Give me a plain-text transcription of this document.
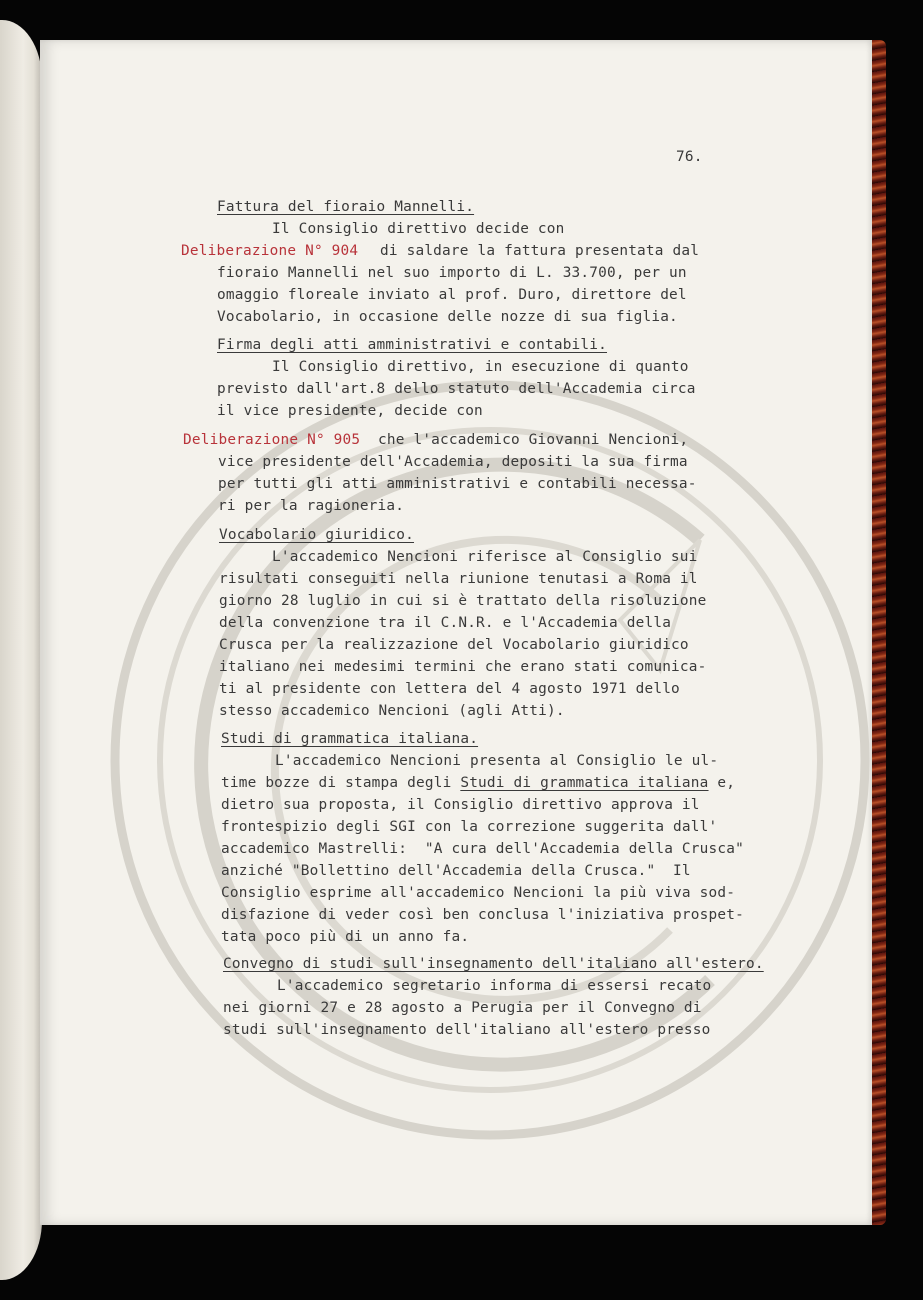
76.
Fattura del fioraio Mannelli.
Il Consiglio direttivo decide con
Deliberazione N° 904 di saldare la fattura presentata dal
fioraio Mannelli nel suo importo di L. 33.700, per un
omaggio floreale inviato al prof. Duro, direttore del
Vocabolario, in occasione delle nozze di sua figlia.
Firma degli atti amministrativi e contabili.
Il Consiglio direttivo, in esecuzione di quanto
previsto dall'art.8 dello statuto dell'Accademia circa
il vice presidente, decide con
Deliberazione N° 905 che l'accademico Giovanni Nencioni,
vice presidente dell'Accademia, depositi la sua firma
per tutti gli atti amministrativi e contabili necessa-
ri per la ragioneria.
Vocabolario giuridico.
L'accademico Nencioni riferisce al Consiglio sui
risultati conseguiti nella riunione tenutasi a Roma il
giorno 28 luglio in cui si è trattato della risoluzione
della convenzione tra il C.N.R. e l'Accademia della
Crusca per la realizzazione del Vocabolario giuridico
italiano nei medesimi termini che erano stati comunica-
ti al presidente con lettera del 4 agosto 1971 dello
stesso accademico Nencioni (agli Atti).
Studi di grammatica italiana.
L'accademico Nencioni presenta al Consiglio le ul-
time bozze di stampa degli Studi di grammatica italiana e,
dietro sua proposta, il Consiglio direttivo approva il
frontespizio degli SGI con la correzione suggerita dall'
accademico Mastrelli:  "A cura dell'Accademia della Crusca"
anziché "Bollettino dell'Accademia della Crusca."  Il
Consiglio esprime all'accademico Nencioni la più viva sod-
disfazione di veder così ben conclusa l'iniziativa prospet-
tata poco più di un anno fa.
Convegno di studi sull'insegnamento dell'italiano all'estero.
L'accademico segretario informa di essersi recato
nei giorni 27 e 28 agosto a Perugia per il Convegno di
studi sull'insegnamento dell'italiano all'estero presso
